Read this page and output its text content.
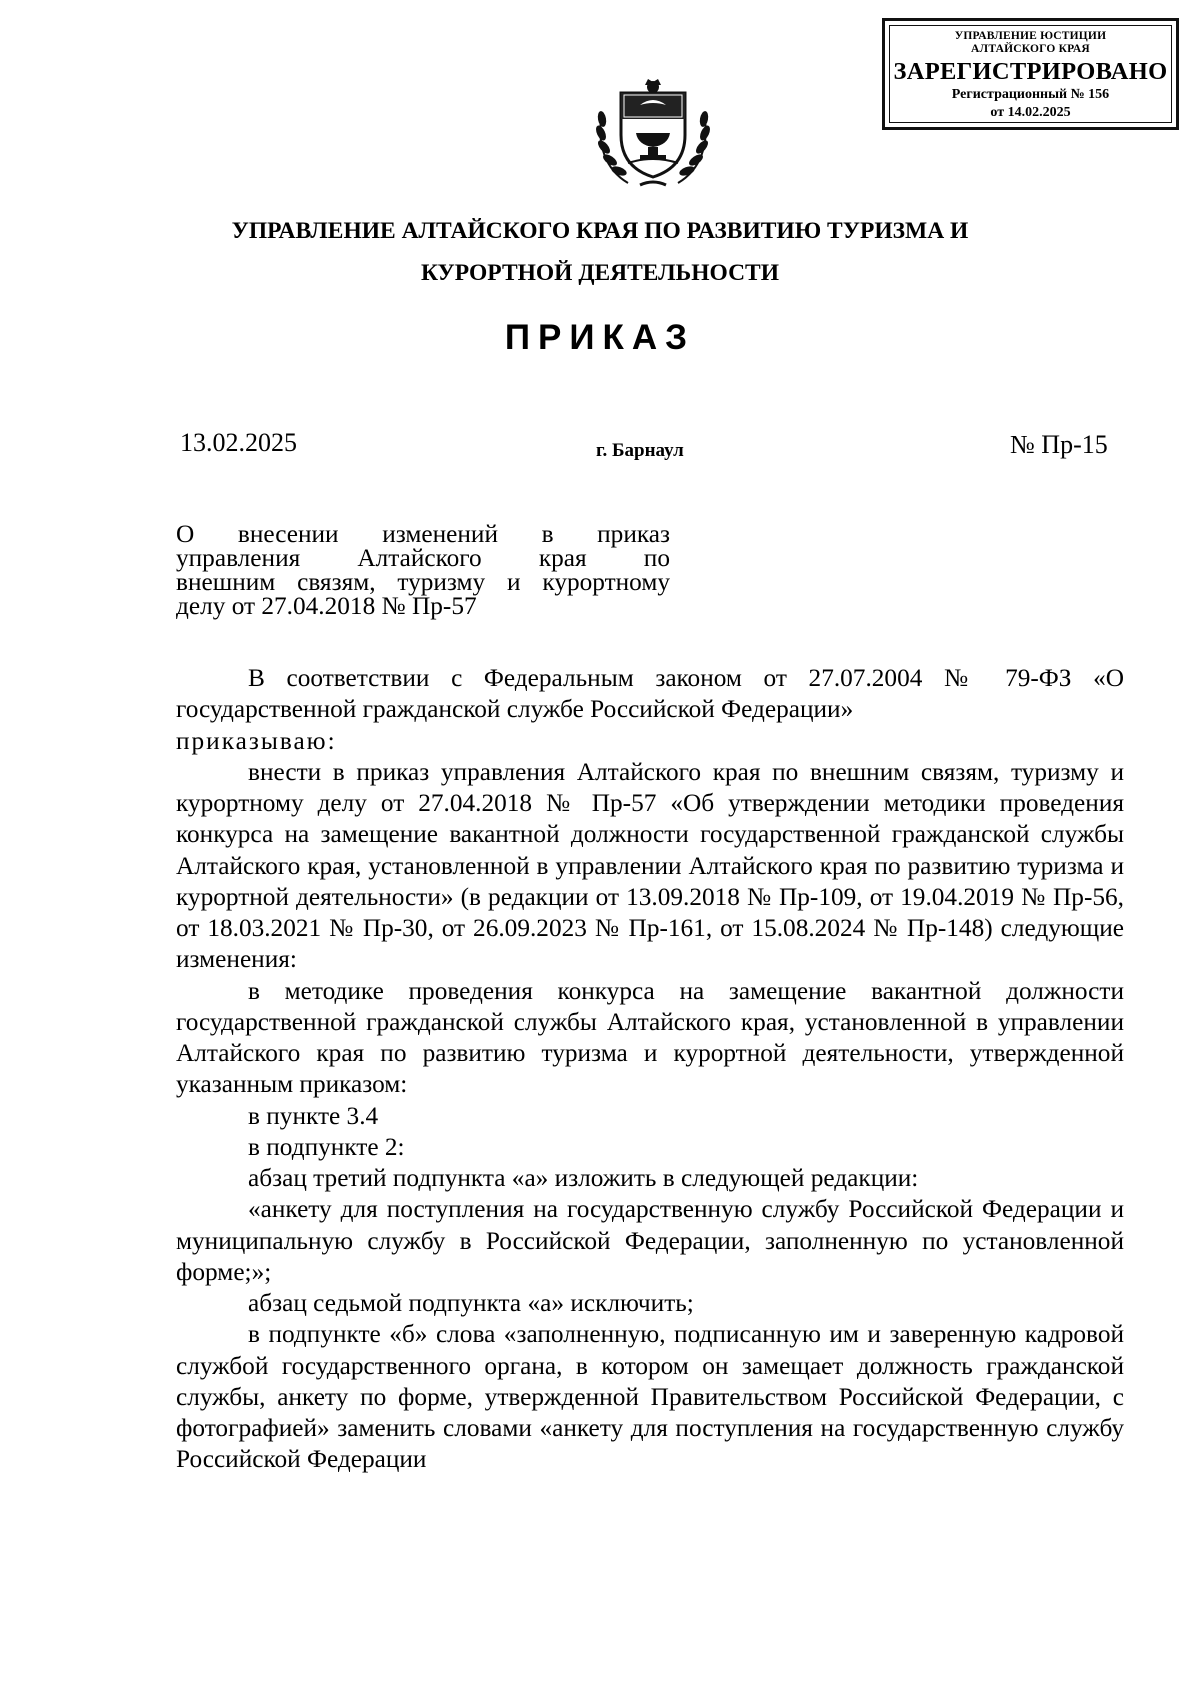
УПРАВЛЕНИЕ ЮСТИЦИИ
АЛТАЙСКОГО КРАЯ
ЗАРЕГИСТРИРОВАНО
Регистрационный № 156
от 14.02.2025
УПРАВЛЕНИЕ АЛТАЙСКОГО КРАЯ ПО РАЗВИТИЮ ТУРИЗМА И
КУРОРТНОЙ ДЕЯТЕЛЬНОСТИ
ПРИКАЗ
13.02.2025	г. Барнаул	№ Пр-15
О внесении изменений в приказ
управления Алтайского края по
внешним связям, туризму и курортному
делу от 27.04.2018 № Пр-57

В соответствии с Федеральным законом от 27.07.2004 № 79-ФЗ «О государственной гражданской службе Российской Федерации»

приказываю:

внести в приказ управления Алтайского края по внешним связям, туризму и курортному делу от 27.04.2018 № Пр-57 «Об утверждении методики проведения конкурса на замещение вакантной должности государственной гражданской службы Алтайского края, установленной в управлении Алтайского края по развитию туризма и курортной деятельности» (в редакции от 13.09.2018 № Пр-109, от 19.04.2019 № Пр-56, от 18.03.2021 № Пр-30, от 26.09.2023 № Пр-161, от 15.08.2024 № Пр-148) следующие изменения:

в методике проведения конкурса на замещение вакантной должности государственной гражданской службы Алтайского края, установленной в управлении Алтайского края по развитию туризма и курортной деятельности, утвержденной указанным приказом:

в пункте 3.4

в подпункте 2:

абзац третий подпункта «а» изложить в следующей редакции:

«анкету для поступления на государственную службу Российской Федерации и муниципальную службу в Российской Федерации, заполненную по установленной форме;»;

абзац седьмой подпункта «а» исключить;

в подпункте «б» слова «заполненную, подписанную им и заверенную кадровой службой государственного органа, в котором он замещает должность гражданской службы, анкету по форме, утвержденной Правительством Российской Федерации, с фотографией» заменить словами «анкету для поступления на государственную службу Российской Федерации
